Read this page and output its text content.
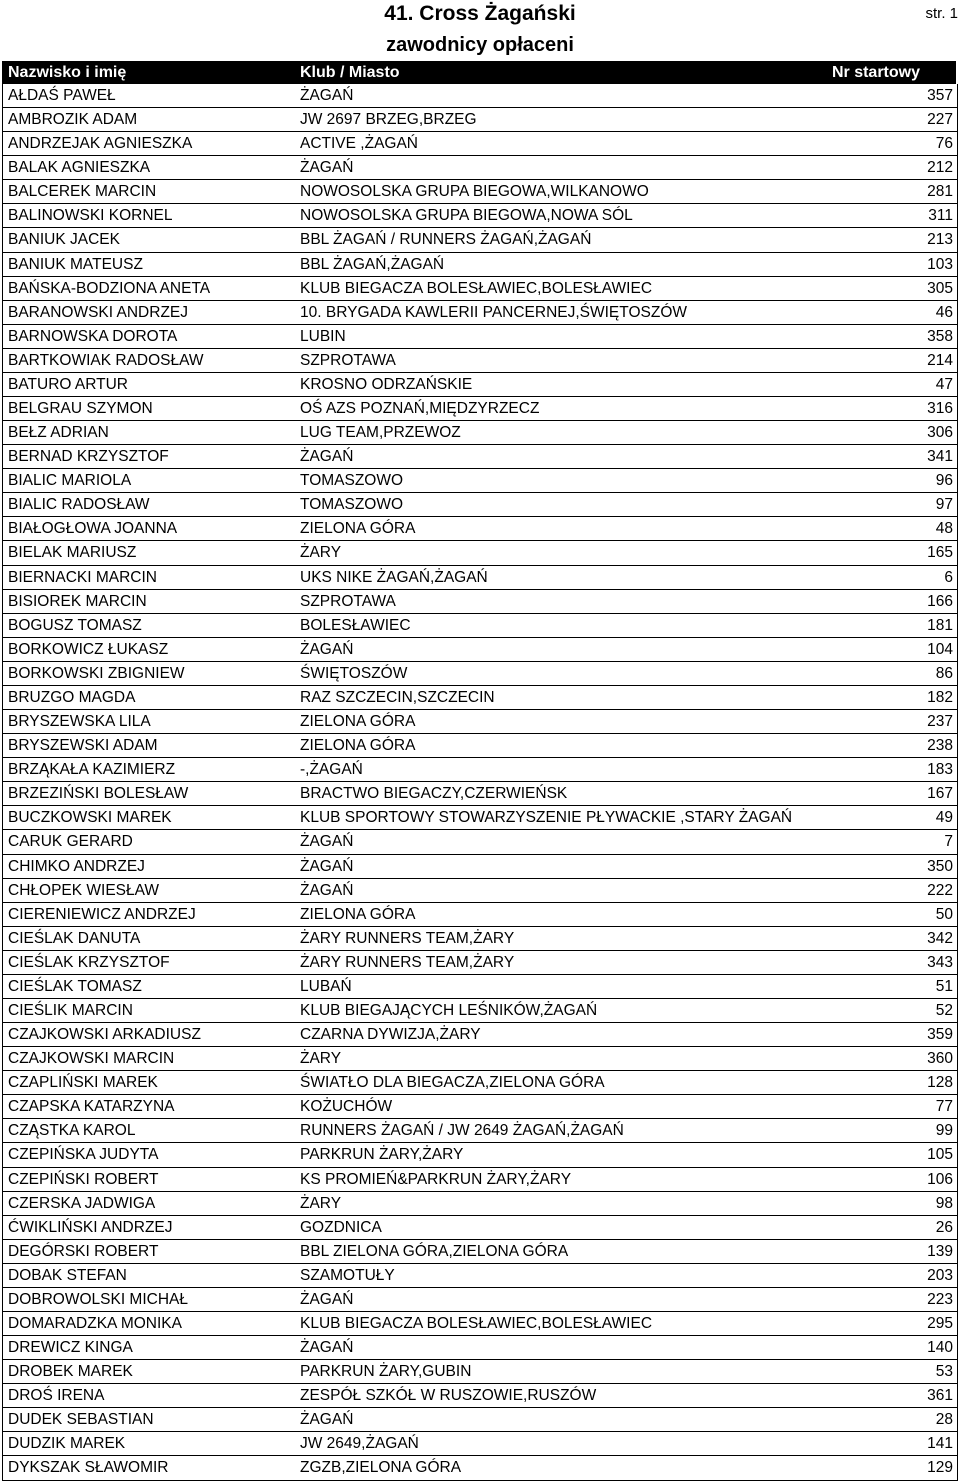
41. Cross Żagański	str. 1
zawodnicy opłaceni
Nazwisko i imię	Klub / Miasto	Nr startowy
AŁDAŚ PAWEŁ	ŻAGAŃ	357
AMBROZIK ADAM	JW 2697 BRZEG,BRZEG	227
ANDRZEJAK AGNIESZKA	ACTIVE ,ŻAGAŃ	76
BALAK AGNIESZKA	ŻAGAŃ	212
BALCEREK MARCIN	NOWOSOLSKA GRUPA BIEGOWA,WILKANOWO	281
BALINOWSKI KORNEL	NOWOSOLSKA GRUPA BIEGOWA,NOWA SÓL	311
BANIUK JACEK	BBL ŻAGAŃ / RUNNERS ŻAGAŃ,ŻAGAŃ	213
BANIUK MATEUSZ	BBL ŻAGAŃ,ŻAGAŃ	103
BAŃSKA-BODZIONA ANETA	KLUB BIEGACZA BOLESŁAWIEC,BOLESŁAWIEC	305
BARANOWSKI ANDRZEJ	10. BRYGADA KAWLERII PANCERNEJ,ŚWIĘTOSZÓW	46
BARNOWSKA DOROTA	LUBIN	358
BARTKOWIAK RADOSŁAW	SZPROTAWA	214
BATURO ARTUR	KROSNO ODRZAŃSKIE	47
BELGRAU SZYMON	OŚ AZS POZNAŃ,MIĘDZYRZECZ	316
BEŁZ ADRIAN	LUG TEAM,PRZEWOZ	306
BERNAD KRZYSZTOF	ŻAGAŃ	341
BIALIC MARIOLA	TOMASZOWO	96
BIALIC RADOSŁAW	TOMASZOWO	97
BIAŁOGŁOWA JOANNA	ZIELONA GÓRA	48
BIELAK MARIUSZ	ŻARY	165
BIERNACKI MARCIN	UKS NIKE ŻAGAŃ,ŻAGAŃ	6
BISIOREK MARCIN	SZPROTAWA	166
BOGUSZ TOMASZ	BOLESŁAWIEC	181
BORKOWICZ ŁUKASZ	ŻAGAŃ	104
BORKOWSKI ZBIGNIEW	ŚWIĘTOSZÓW	86
BRUZGO MAGDA	RAZ SZCZECIN,SZCZECIN	182
BRYSZEWSKA LILA	ZIELONA GÓRA	237
BRYSZEWSKI ADAM	ZIELONA GÓRA	238
BRZĄKAŁA KAZIMIERZ	-,ŻAGAŃ	183
BRZEZIŃSKI BOLESŁAW	BRACTWO BIEGACZY,CZERWIEŃSK	167
BUCZKOWSKI MAREK	KLUB SPORTOWY STOWARZYSZENIE PŁYWACKIE ,STARY ŻAGAŃ	49
CARUK GERARD	ŻAGAŃ	7
CHIMKO ANDRZEJ	ŻAGAŃ	350
CHŁOPEK WIESŁAW	ŻAGAŃ	222
CIERENIEWICZ ANDRZEJ	ZIELONA GÓRA	50
CIEŚLAK DANUTA	ŻARY RUNNERS TEAM,ŻARY	342
CIEŚLAK KRZYSZTOF	ŻARY RUNNERS TEAM,ŻARY	343
CIEŚLAK TOMASZ	LUBAŃ	51
CIEŚLIK MARCIN	KLUB BIEGAJĄCYCH LEŚNIKÓW,ŻAGAŃ	52
CZAJKOWSKI ARKADIUSZ	CZARNA DYWIZJA,ŻARY	359
CZAJKOWSKI MARCIN	ŻARY	360
CZAPLIŃSKI MAREK	ŚWIATŁO DLA BIEGACZA,ZIELONA GÓRA	128
CZAPSKA KATARZYNA	KOŻUCHÓW	77
CZĄSTKA KAROL	RUNNERS ŻAGAŃ / JW 2649 ŻAGAŃ,ŻAGAŃ	99
CZEPIŃSKA JUDYTA	PARKRUN ŻARY,ŻARY	105
CZEPIŃSKI ROBERT	KS PROMIEŃ&PARKRUN ŻARY,ŻARY	106
CZERSKA JADWIGA	ŻARY	98
ĆWIKLIŃSKI ANDRZEJ	GOZDNICA	26
DEGÓRSKI ROBERT	BBL ZIELONA GÓRA,ZIELONA GÓRA	139
DOBAK STEFAN	SZAMOTUŁY	203
DOBROWOLSKI MICHAŁ	ŻAGAŃ	223
DOMARADZKA MONIKA	KLUB BIEGACZA BOLESŁAWIEC,BOLESŁAWIEC	295
DREWICZ KINGA	ŻAGAŃ	140
DROBEK MAREK	PARKRUN ŻARY,GUBIN	53
DROŚ IRENA	ZESPÓŁ SZKÓŁ W RUSZOWIE,RUSZÓW	361
DUDEK SEBASTIAN	ŻAGAŃ	28
DUDZIK MAREK	JW 2649,ŻAGAŃ	141
DYKSZAK SŁAWOMIR	ZGZB,ZIELONA GÓRA	129
